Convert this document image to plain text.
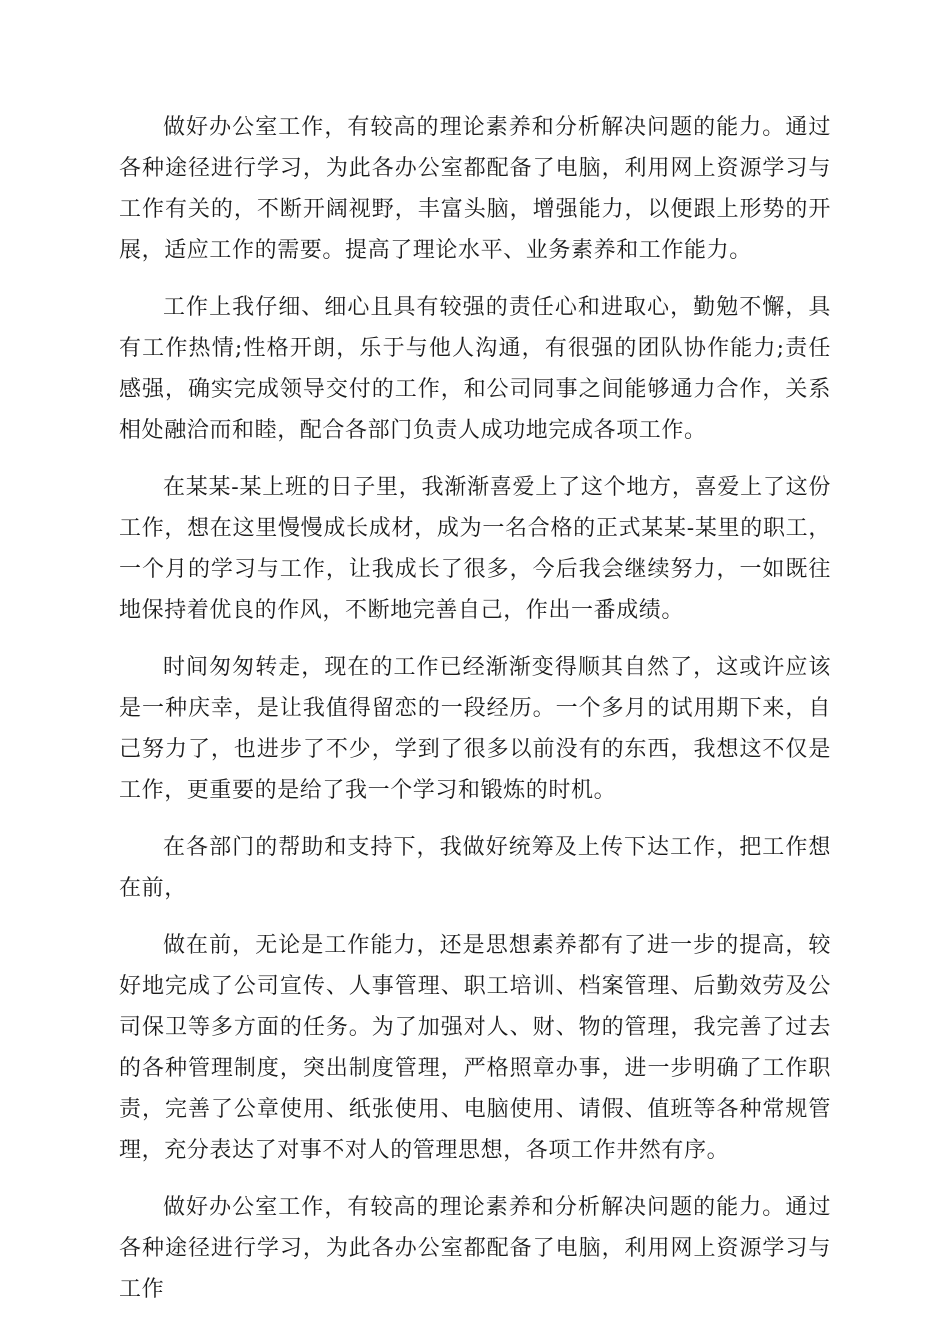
做好办公室工作，有较高的理论素养和分析解决问题的能力。通过各种途径进行学习，为此各办公室都配备了电脑，利用网上资源学习与工作有关的，不断开阔视野，丰富头脑，增强能力，以便跟上形势的开展，适应工作的需要。提高了理论水平、业务素养和工作能力。

工作上我仔细、细心且具有较强的责任心和进取心，勤勉不懈，具有工作热情;性格开朗，乐于与他人沟通，有很强的团队协作能力;责任感强，确实完成领导交付的工作，和公司同事之间能够通力合作，关系相处融洽而和睦，配合各部门负责人成功地完成各项工作。

在某某-某上班的日子里，我渐渐喜爱上了这个地方，喜爱上了这份工作，想在这里慢慢成长成材，成为一名合格的正式某某-某里的职工，一个月的学习与工作，让我成长了很多，今后我会继续努力，一如既往地保持着优良的作风，不断地完善自己，作出一番成绩。

时间匆匆转走，现在的工作已经渐渐变得顺其自然了，这或许应该是一种庆幸，是让我值得留恋的一段经历。一个多月的试用期下来，自己努力了，也进步了不少，学到了很多以前没有的东西，我想这不仅是工作，更重要的是给了我一个学习和锻炼的时机。

在各部门的帮助和支持下，我做好统筹及上传下达工作，把工作想在前，

做在前，无论是工作能力，还是思想素养都有了进一步的提高，较好地完成了公司宣传、人事管理、职工培训、档案管理、后勤效劳及公司保卫等多方面的任务。为了加强对人、财、物的管理，我完善了过去的各种管理制度，突出制度管理，严格照章办事，进一步明确了工作职责，完善了公章使用、纸张使用、电脑使用、请假、值班等各种常规管理，充分表达了对事不对人的管理思想，各项工作井然有序。

做好办公室工作，有较高的理论素养和分析解决问题的能力。通过各种途径进行学习，为此各办公室都配备了电脑，利用网上资源学习与工作
